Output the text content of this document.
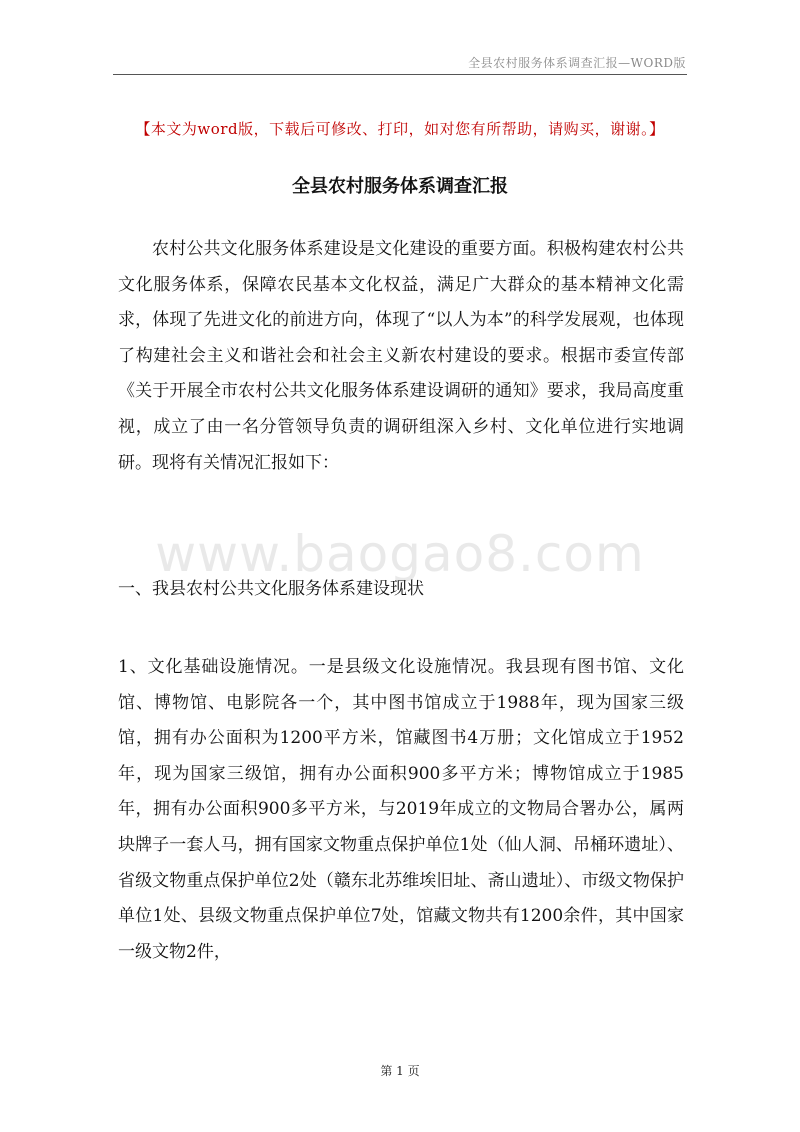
全县农村服务体系调查汇报—WORD版
【本文为word版，下载后可修改、打印，如对您有所帮助，请购买，谢谢。】
全县农村服务体系调查汇报

农村公共文化服务体系建设是文化建设的重要方面。积极构建农村公共文化服务体系，保障农民基本文化权益，满足广大群众的基本精神文化需求，体现了先进文化的前进方向，体现了“以人为本”的科学发展观，也体现了构建社会主义和谐社会和社会主义新农村建设的要求。根据市委宣传部《关于开展全市农村公共文化服务体系建设调研的通知》要求，我局高度重视，成立了由一名分管领导负责的调研组深入乡村、文化单位进行实地调研。现将有关情况汇报如下：

www.baogao8.com

一、我县农村公共文化服务体系建设现状

1、文化基础设施情况。一是县级文化设施情况。我县现有图书馆、文化馆、博物馆、电影院各一个，其中图书馆成立于1988年，现为国家三级馆，拥有办公面积为1200平方米，馆藏图书4万册；文化馆成立于1952年，现为国家三级馆，拥有办公面积900多平方米；博物馆成立于1985年，拥有办公面积900多平方米，与2019年成立的文物局合署办公，属两块牌子一套人马，拥有国家文物重点保护单位1处（仙人洞、吊桶环遗址）、省级文物重点保护单位2处（赣东北苏维埃旧址、斋山遗址）、市级文物保护单位1处、县级文物重点保护单位7处，馆藏文物共有1200余件，其中国家一级文物2件，

第 1 页
